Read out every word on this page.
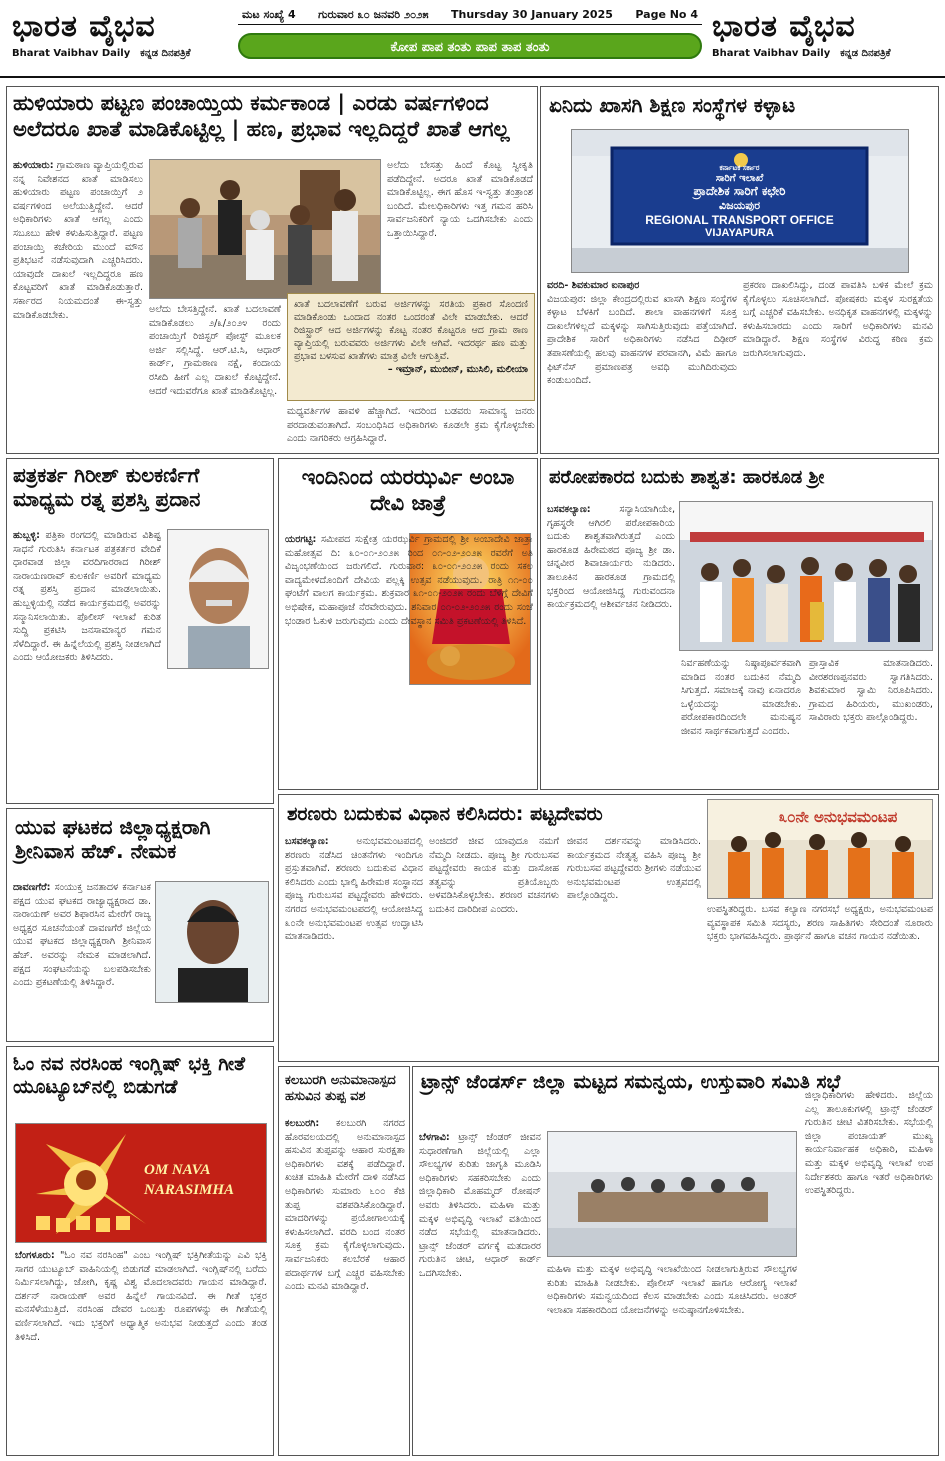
ಭಾರತ ವೈಭವ
Bharat Vaibhav Daily ಕನ್ನಡ ದಿನಪತ್ರಿಕೆ
ಮಟ ಸಂಖ್ಯೆ 4 ಗುರುವಾರ ೩೦ ಜನವರಿ ೨೦೨೫ Thursday 30 January 2025 Page No 4
ಕೋಪ ಪಾಪ ತಂತು ಪಾಪ ತಾಪ ತಂತು
ಭಾರತ ವೈಭವ
Bharat Vaibhav Daily ಕನ್ನಡ ದಿನಪತ್ರಿಕೆ
ಹುಳಿಯಾರು ಪಟ್ಟಣ ಪಂಚಾಯ್ತಿಯ ಕರ್ಮಕಾಂಡ | ಎರಡು ವರ್ಷಗಳಿಂದ ಅಲೆದರೂ ಖಾತೆ ಮಾಡಿಕೊಟ್ಟಿಲ್ಲ | ಹಣ, ಪ್ರಭಾವ ಇಲ್ಲದಿದ್ದರೆ ಖಾತೆ ಆಗಲ್ಲ
ಹುಳಿಯಾರು: ಗ್ರಾಮಠಾಣ ವ್ಯಾಪ್ತಿಯಲ್ಲಿರುವ ನನ್ನ ನಿವೇಶನದ ಖಾತೆ ಮಾಡಿಸಲು ಹುಳಿಯಾರು ಪಟ್ಟಣ ಪಂಚಾಯ್ತಿಗೆ ೨ ವರ್ಷಗಳಿಂದ ಅಲೆಯುತ್ತಿದ್ದೇನೆ. ಆದರೆ ಅಧಿಕಾರಿಗಳು ಖಾತೆ ಆಗಲ್ಲ ಎಂದು ಸಬೂಬು ಹೇಳಿ ಕಳುಹಿಸುತ್ತಿದ್ದಾರೆ. ಪಟ್ಟಣ ಪಂಚಾಯ್ತಿ ಕಚೇರಿಯ ಮುಂದೆ ಮೌನ ಪ್ರತಿಭಟನೆ ನಡೆಸುವುದಾಗಿ ಎಚ್ಚರಿಸಿದರು. ಯಾವುದೇ ದಾಖಲೆ ಇಲ್ಲದಿದ್ದರೂ ಹಣ ಕೊಟ್ಟವರಿಗೆ ಖಾತೆ ಮಾಡಿಕೊಡುತ್ತಾರೆ. ಸರ್ಕಾರದ ನಿಯಮದಂತೆ ಈ-ಸ್ವತ್ತು ಮಾಡಿಕೊಡಬೇಕು.
ಅಲೆದು ಬೇಸತ್ತಿದ್ದೇನೆ. ಖಾತೆ ಬದಲಾವಣೆ ಮಾಡಿಕೊಡಲು ೨/೩/೨೦೨೪ ರಂದು ಪಂಚಾಯ್ತಿಗೆ ರಿಜಿಸ್ಟರ್ ಪೋಸ್ಟ್ ಮೂಲಕ ಅರ್ಜಿ ಸಲ್ಲಿಸಿದ್ದೆ. ಆರ್.ಟಿ.ಸಿ, ಆಧಾರ್ ಕಾರ್ಡ್, ಗ್ರಾಮಠಾಣ ನಕ್ಷೆ, ಕಂದಾಯ ರಸೀದಿ ಹೀಗೆ ಎಲ್ಲ ದಾಖಲೆ ಕೊಟ್ಟಿದ್ದೇನೆ. ಆದರೆ ಇದುವರೆಗೂ ಖಾತೆ ಮಾಡಿಕೊಟ್ಟಿಲ್ಲ.
ಅಲೆದು ಬೇಸತ್ತು ಹಿಂದೆ ಕೊಟ್ಟ ಸ್ವೀಕೃತಿ ಪಡೆದಿದ್ದೇನೆ. ಅದರೂ ಖಾತೆ ಮಾಡಿಕೊಡದೆ ಮಾಡಿಕೊಟ್ಟಿಲ್ಲ. ಈಗ ಹೊಸ ಇ-ಸ್ವತ್ತು ತಂತ್ರಾಂಶ ಬಂದಿದೆ. ಮೇಲಧಿಕಾರಿಗಳು ಇತ್ತ ಗಮನ ಹರಿಸಿ ಸಾರ್ವಜನಿಕರಿಗೆ ನ್ಯಾಯ ಒದಗಿಸಬೇಕು ಎಂದು ಒತ್ತಾಯಿಸಿದ್ದಾರೆ.
ಖಾತೆ ಬದಲಾವಣೆಗೆ ಬರುವ ಅರ್ಜಿಗಳನ್ನು ಸರತಿಯ ಪ್ರಕಾರ ಸೊಂದಣಿ ಮಾಡಿಕೊಂಡು ಒಂದಾದ ನಂತರ ಒಂದರಂತೆ ವಿಲೇ ಮಾಡಬೇಕು. ಆದರೆ ರಿಜಿಸ್ಟ್ರಾರ್ ಆದ ಅರ್ಜಿಗಳನ್ನು ಕೊಟ್ಟ ನಂತರ ಕೊಟ್ಟರೂ ಆದ ಗ್ರಾಮ ಠಾಣ ವ್ಯಾಪ್ತಿಯಲ್ಲಿ ಬರುವವರು ಅರ್ಜಿಗಳು ವಿಲೇ ಆಗಿವೆ. ಇದರರ್ಥ ಹಣ ಮತ್ತು ಪ್ರಭಾವ ಬಳಸುವ ಖಾತೆಗಳು ಮಾತ್ರ ವಿಲೇ ಆಗುತ್ತಿವೆ.
– ಇಮ್ರಾನ್, ಮುಬೀನ್, ಮುಸಿಲಿ, ಮಲೀಯಾ
ಮಧ್ಯವರ್ತಿಗಳ ಹಾವಳಿ ಹೆಚ್ಚಾಗಿದೆ. ಇದರಿಂದ ಬಡವರು ಸಾಮಾನ್ಯ ಜನರು ಪರದಾಡುವಂತಾಗಿದೆ. ಸಂಬಂಧಿಸಿದ ಅಧಿಕಾರಿಗಳು ಕೂಡಲೇ ಕ್ರಮ ಕೈಗೊಳ್ಳಬೇಕು ಎಂದು ನಾಗರಿಕರು ಆಗ್ರಹಿಸಿದ್ದಾರೆ.
ಏನಿದು ಖಾಸಗಿ ಶಿಕ್ಷಣ ಸಂಸ್ಥೆಗಳ ಕಳ್ಳಾಟ
ಕರ್ನಾಟಕ ಸರ್ಕಾರ
ಸಾರಿಗೆ ಇಲಾಖೆ
ಪ್ರಾದೇಶಿಕ ಸಾರಿಗೆ ಕಛೇರಿ
ವಿಜಯಪುರ
REGIONAL TRANSPORT OFFICE
VIJAYAPURA
ವರದಿ- ಶಿವಕುಮಾರ ಐನಾಪುರ
ವಿಜಯಪುರ: ಜಿಲ್ಲಾ ಕೇಂದ್ರದಲ್ಲಿರುವ ಖಾಸಗಿ ಶಿಕ್ಷಣ ಸಂಸ್ಥೆಗಳ ಕಳ್ಳಾಟ ಬೆಳಕಿಗೆ ಬಂದಿದೆ. ಶಾಲಾ ವಾಹನಗಳಿಗೆ ಸೂಕ್ತ ದಾಖಲೆಗಳಿಲ್ಲದೆ ಮಕ್ಕಳನ್ನು ಸಾಗಿಸುತ್ತಿರುವುದು ಪತ್ತೆಯಾಗಿದೆ. ಪ್ರಾದೇಶಿಕ ಸಾರಿಗೆ ಅಧಿಕಾರಿಗಳು ನಡೆಸಿದ ದಿಢೀರ್ ತಪಾಸಣೆಯಲ್ಲಿ ಹಲವು ವಾಹನಗಳ ಪರವಾನಗಿ, ವಿಮೆ ಹಾಗೂ ಫಿಟ್‌ನೆಸ್ ಪ್ರಮಾಣಪತ್ರ ಅವಧಿ ಮುಗಿದಿರುವುದು ಕಂಡುಬಂದಿದೆ.
ಪ್ರಕರಣ ದಾಖಲಿಸಿದ್ದು, ದಂಡ ಪಾವತಿಸಿ ಬಳಿಕ ಮೇಲೆ ಕ್ರಮ ಕೈಗೊಳ್ಳಲು ಸೂಚಿಸಲಾಗಿದೆ. ಪೋಷಕರು ಮಕ್ಕಳ ಸುರಕ್ಷತೆಯ ಬಗ್ಗೆ ಎಚ್ಚರಿಕೆ ವಹಿಸಬೇಕು. ಅನಧಿಕೃತ ವಾಹನಗಳಲ್ಲಿ ಮಕ್ಕಳನ್ನು ಕಳುಹಿಸಬಾರದು ಎಂದು ಸಾರಿಗೆ ಅಧಿಕಾರಿಗಳು ಮನವಿ ಮಾಡಿದ್ದಾರೆ. ಶಿಕ್ಷಣ ಸಂಸ್ಥೆಗಳ ವಿರುದ್ಧ ಕಠಿಣ ಕ್ರಮ ಜರುಗಿಸಲಾಗುವುದು.
ಪತ್ರಕರ್ತ ಗಿರೀಶ್ ಕುಲಕರ್ಣಿಗೆ ಮಾಧ್ಯಮ ರತ್ನ ಪ್ರಶಸ್ತಿ ಪ್ರದಾನ
ಹುಬ್ಬಳ್ಳಿ: ಪತ್ರಿಕಾ ರಂಗದಲ್ಲಿ ಮಾಡಿರುವ ವಿಶಿಷ್ಟ ಸಾಧನೆ ಗುರುತಿಸಿ ಕರ್ನಾಟಕ ಪತ್ರಕರ್ತರ ವೇದಿಕೆ ಧಾರವಾಡ ಜಿಲ್ಲಾ ವರದಿಗಾರರಾದ ಗಿರೀಶ್ ನಾರಾಯಣರಾವ್ ಕುಲಕರ್ಣಿ ಅವರಿಗೆ ಮಾಧ್ಯಮ ರತ್ನ ಪ್ರಶಸ್ತಿ ಪ್ರದಾನ ಮಾಡಲಾಯಿತು. ಹುಬ್ಬಳ್ಳಿಯಲ್ಲಿ ನಡೆದ ಕಾರ್ಯಕ್ರಮದಲ್ಲಿ ಅವರನ್ನು ಸನ್ಮಾನಿಸಲಾಯಿತು. ಪೊಲೀಸ್ ಇಲಾಖೆ ಕುರಿತ ಸುದ್ದಿ ಪ್ರಕಟಿಸಿ ಜನಸಾಮಾನ್ಯರ ಗಮನ ಸೆಳೆದಿದ್ದಾರೆ. ಈ ಹಿನ್ನೆಲೆಯಲ್ಲಿ ಪ್ರಶಸ್ತಿ ನೀಡಲಾಗಿದೆ ಎಂದು ಆಯೋಜಕರು ತಿಳಿಸಿದರು.
ಇಂದಿನಿಂದ ಯರಝರ್ವಿ ಅಂಬಾ ದೇವಿ ಜಾತ್ರೆ
ಯರಗಟ್ಟಿ: ಸಮೀಪದ ಸುಕ್ಷೇತ್ರ ಯರಝರ್ವಿ ಗ್ರಾಮದಲ್ಲಿ ಶ್ರೀ ಅಂಬಾದೇವಿ ಜಾತ್ರಾ ಮಹೋತ್ಸವ ದಿ: ೩೦-೦೧-೨೦೨೫ ರಿಂದ ೦೧-೦೨-೨೦೨೫ ರವರೆಗೆ ಅತಿ ವಿಜೃಂಭಣೆಯಿಂದ ಜರುಗಲಿದೆ. ಗುರುವಾರ: ೩೦-೦೧-೨೦೨೫ ರಂದು ಸಕಲ ವಾದ್ಯಮೇಳದೊಂದಿಗೆ ದೇವಿಯ ಪಲ್ಲಕ್ಕಿ ಉತ್ಸವ ನಡೆಯುವುದು. ರಾತ್ರಿ ೧೧-೦೦ ಘಂಟೆಗೆ ವಾಲಗ ಕಾರ್ಯಕ್ರಮ. ಶುಕ್ರವಾರ ೩೧-೦೧-೨೦೨೫ ರಂದು ಬೆಳಿಗ್ಗೆ ದೇವಿಗೆ ಅಭಿಷೇಕ, ಮಹಾಪೂಜೆ ನೆರವೇರುವುದು. ಶನಿವಾರ ೦೧-೦೨-೨೦೨೫ ರಂದು ಸಂಜೆ ಭಂಡಾರ ಓಕುಳಿ ಜರುಗುವುದು ಎಂದು ದೇವಸ್ಥಾನ ಸಮಿತಿ ಪ್ರಕಟಣೆಯಲ್ಲಿ ತಿಳಿಸಿದೆ.
ಪರೋಪಕಾರದ ಬದುಕು ಶಾಶ್ವತ: ಹಾರಕೂಡ ಶ್ರೀ
ಬಸವಕಲ್ಯಾಣ:	ಸನ್ಯಾಸಿಯಾಗಿಯೇ, ಗೃಹಸ್ಥರೇ ಆಗಿರಲಿ ಪರೋಪಕಾರಿಯ ಬದುಕು ಶಾಶ್ವತವಾಗಿರುತ್ತದೆ ಎಂದು ಹಾರಕೂಡ ಹಿರೇಮಠದ ಪೂಜ್ಯ ಶ್ರೀ ಡಾ. ಚನ್ನವೀರ ಶಿವಾಚಾರ್ಯರು ನುಡಿದರು. ತಾಲೂಕಿನ ಹಾರಕೂಡ ಗ್ರಾಮದಲ್ಲಿ ಭಕ್ತರಿಂದ ಆಯೋಜಿಸಿದ್ದ ಗುರುವಂದನಾ ಕಾರ್ಯಕ್ರಮದಲ್ಲಿ ಆಶೀರ್ವಚನ ನೀಡಿದರು.
ನಿರ್ವಹಣೆಯನ್ನು ನಿಷ್ಠಾಪೂರ್ವಕವಾಗಿ ಮಾಡಿದ ನಂತರ ಬದುಕಿನ ನೆಮ್ಮದಿ ಸಿಗುತ್ತದೆ. ಸಮಾಜಕ್ಕೆ ನಾವು ಏನಾದರೂ ಒಳ್ಳೆಯದನ್ನು ಮಾಡಬೇಕು. ಪರೋಪಕಾರದಿಂದಲೇ ಮನುಷ್ಯನ ಜೀವನ ಸಾರ್ಥಕವಾಗುತ್ತದೆ ಎಂದರು.
ಪ್ರಾಸ್ತಾವಿಕ ಮಾತನಾಡಿದರು. ವೀರಶರಣಪ್ಪನವರು ಸ್ವಾಗತಿಸಿದರು. ಶಿವಕುಮಾರ ಸ್ವಾಮಿ ನಿರೂಪಿಸಿದರು. ಗ್ರಾಮದ ಹಿರಿಯರು, ಮುಖಂಡರು, ಸಾವಿರಾರು ಭಕ್ತರು ಪಾಲ್ಗೊಂಡಿದ್ದರು.
ಶರಣರು ಬದುಕುವ ವಿಧಾನ ಕಲಿಸಿದರು: ಪಟ್ಟದೇವರು	೩೦ನೇ ಅನುಭವಮಂಟಪ
ಬಸವಕಲ್ಯಾಣ:	ಅನುಭವಮಂಟಪದಲ್ಲಿ ಶರಣರು ನಡೆಸಿದ ಚಿಂತನೆಗಳು ಇಂದಿಗೂ ಪ್ರಸ್ತುತವಾಗಿವೆ. ಶರಣರು ಬದುಕುವ ವಿಧಾನ ಕಲಿಸಿದರು ಎಂದು ಭಾಲ್ಕಿ ಹಿರೇಮಠ ಸಂಸ್ಥಾನದ ಪೂಜ್ಯ ಗುರುಬಸವ ಪಟ್ಟದ್ದೇವರು ಹೇಳಿದರು. ನಗರದ ಅನುಭವಮಂಟಪದಲ್ಲಿ ಆಯೋಜಿಸಿದ್ದ ೩೦ನೇ ಅನುಭವಮಂಟಪ ಉತ್ಸವ ಉದ್ಘಾಟಿಸಿ ಮಾತನಾಡಿದರು.
ಅಂಜಿದರೆ ಜೀವ ಯಾವುದೂ ನಮಗೆ ನೆಮ್ಮದಿ ನೀಡದು. ಪೂಜ್ಯ ಶ್ರೀ ಗುರುಬಸವ ಪಟ್ಟದ್ದೇವರು ಕಾಯಕ ಮತ್ತು ದಾಸೋಹ ತತ್ವವನ್ನು ಪ್ರತಿಯೊಬ್ಬರು ಅಳವಡಿಸಿಕೊಳ್ಳಬೇಕು. ಶರಣರ ವಚನಗಳು ಬದುಕಿನ ದಾರಿದೀಪ ಎಂದರು.
ಜೀವನ ದರ್ಶನವನ್ನು ಮಾಡಿಸಿದರು. ಕಾರ್ಯಕ್ರಮದ ನೇತೃತ್ವ ವಹಿಸಿ ಪೂಜ್ಯ ಶ್ರೀ ಗುರುಬಸವ ಪಟ್ಟದ್ದೇವರು ಶ್ರೀಗಳು ನಡೆಯುವ ಅನುಭವಮಂಟಪ ಉತ್ಸವದಲ್ಲಿ ಪಾಲ್ಗೊಂಡಿದ್ದರು.
ಉಪಸ್ಥಿತರಿದ್ದರು. ಬಸವ ಕಲ್ಯಾಣ ನಗರಸಭೆ ಅಧ್ಯಕ್ಷರು, ಅನುಭವಮಂಟಪ ವ್ಯವಸ್ಥಾಪಕ ಸಮಿತಿ ಸದಸ್ಯರು, ಶರಣ ಸಾಹಿತಿಗಳು ಸೇರಿದಂತೆ ನೂರಾರು ಭಕ್ತರು ಭಾಗವಹಿಸಿದ್ದರು. ಪ್ರಾರ್ಥನೆ ಹಾಗೂ ವಚನ ಗಾಯನ ನಡೆಯಿತು.
ಯುವ ಘಟಕದ ಜಿಲ್ಲಾಧ್ಯಕ್ಷರಾಗಿ ಶ್ರೀನಿವಾಸ ಹೆಚ್. ನೇಮಕ
ದಾವಣಗೆರೆ: ಸಂಯುಕ್ತ ಜನತಾದಳ ಕರ್ನಾಟಕ ಪಕ್ಷದ ಯುವ ಘಟಕದ ರಾಜ್ಯಾಧ್ಯಕ್ಷರಾದ ಡಾ. ನಾರಾಯಣ್ ಅವರ ಶಿಫಾರಸಿನ ಮೇರೆಗೆ ರಾಜ್ಯ ಅಧ್ಯಕ್ಷರ ಸೂಚನೆಯಂತೆ ದಾವಣಗೆರೆ ಜಿಲ್ಲೆಯ ಯುವ ಘಟಕದ ಜಿಲ್ಲಾಧ್ಯಕ್ಷರಾಗಿ ಶ್ರೀನಿವಾಸ ಹೆಚ್. ಅವರನ್ನು ನೇಮಕ ಮಾಡಲಾಗಿದೆ. ಪಕ್ಷದ ಸಂಘಟನೆಯನ್ನು ಬಲಪಡಿಸಬೇಕು ಎಂದು ಪ್ರಕಟಣೆಯಲ್ಲಿ ತಿಳಿಸಿದ್ದಾರೆ.
ಓಂ ನವ ನರಸಿಂಹ ಇಂಗ್ಲಿಷ್ ಭಕ್ತಿ ಗೀತೆ ಯೂಟ್ಯೂಬ್‌ನಲ್ಲಿ ಬಿಡುಗಡೆ
OM NAVA NARASIMHA
ಬೆಂಗಳೂರು: "ಓಂ ನವ ನರಸಿಂಹ" ಎಂಬ ಇಂಗ್ಲಿಷ್ ಭಕ್ತಿಗೀತೆಯನ್ನು ಎವಿ ಭಕ್ತಿ ಸಾಗರ ಯುಟ್ಯೂಬ್ ವಾಹಿನಿಯಲ್ಲಿ ಬಿಡುಗಡೆ ಮಾಡಲಾಗಿದೆ. ಇಂಗ್ಲಿಷ್‌ನಲ್ಲಿ ಬರೆದು ನಿರ್ಮಿಸಲಾಗಿದ್ದು, ಜೋಗಿ, ಕೃಷ್ಣ ವಿಶ್ವ ಮೊದಲಾದವರು ಗಾಯನ ಮಾಡಿದ್ದಾರೆ. ದರ್ಶನ್ ನಾರಾಯಣ್ ಅವರ ಹಿನ್ನೆಲೆ ಗಾಯನವಿದೆ. ಈ ಗೀತೆ ಭಕ್ತರ ಮನಸೆಳೆಯುತ್ತಿದೆ. ನರಸಿಂಹ ದೇವರ ಒಂಬತ್ತು ರೂಪಗಳನ್ನು ಈ ಗೀತೆಯಲ್ಲಿ ವರ್ಣಿಸಲಾಗಿದೆ. ಇದು ಭಕ್ತರಿಗೆ ಅಧ್ಯಾತ್ಮಿಕ ಅನುಭವ ನೀಡುತ್ತದೆ ಎಂದು ತಂಡ ತಿಳಿಸಿದೆ.
ಕಲಬುರಗಿ ಅನುಮಾನಾಸ್ಪದ ಹಸುವಿನ ತುಪ್ಪ ವಶ
ಕಲಬುರಗಿ: ಕಲಬುರಗಿ ನಗರದ ಹೊರವಲಯದಲ್ಲಿ ಅನುಮಾನಾಸ್ಪದ ಹಸುವಿನ ತುಪ್ಪವನ್ನು ಆಹಾರ ಸುರಕ್ಷತಾ ಅಧಿಕಾರಿಗಳು ವಶಕ್ಕೆ ಪಡೆದಿದ್ದಾರೆ. ಖಚಿತ ಮಾಹಿತಿ ಮೇರೆಗೆ ದಾಳಿ ನಡೆಸಿದ ಅಧಿಕಾರಿಗಳು ಸುಮಾರು ೬೦೦ ಕೆಜಿ ತುಪ್ಪ ವಶಪಡಿಸಿಕೊಂಡಿದ್ದಾರೆ. ಮಾದರಿಗಳನ್ನು ಪ್ರಯೋಗಾಲಯಕ್ಕೆ ಕಳುಹಿಸಲಾಗಿದೆ. ವರದಿ ಬಂದ ನಂತರ ಸೂಕ್ತ ಕ್ರಮ ಕೈಗೊಳ್ಳಲಾಗುವುದು. ಸಾರ್ವಜನಿಕರು ಕಲಬೆರಕೆ ಆಹಾರ ಪದಾರ್ಥಗಳ ಬಗ್ಗೆ ಎಚ್ಚರ ವಹಿಸಬೇಕು ಎಂದು ಮನವಿ ಮಾಡಿದ್ದಾರೆ.
ಟ್ರಾನ್ಸ್ ಜೆಂಡರ್ಸ್ ಜಿಲ್ಲಾ ಮಟ್ಟದ ಸಮನ್ವಯ, ಉಸ್ತುವಾರಿ ಸಮಿತಿ ಸಭೆ
ಬೆಳಗಾವಿ: ಟ್ರಾನ್ಸ್ ಜೆಂಡರ್ ಜೀವನ ಸುಧಾರಣೆಗಾಗಿ ಜಿಲ್ಲೆಯಲ್ಲಿ ಎಲ್ಲಾ ಸೌಲಭ್ಯಗಳ ಕುರಿತು ಜಾಗೃತಿ ಮೂಡಿಸಿ ಅಧಿಕಾರಿಗಳು ಸಹಕರಿಸಬೇಕು ಎಂದು ಜಿಲ್ಲಾಧಿಕಾರಿ ಮೊಹಮ್ಮದ್ ರೋಷನ್ ಅವರು ತಿಳಿಸಿದರು. ಮಹಿಳಾ ಮತ್ತು ಮಕ್ಕಳ ಅಭಿವೃದ್ಧಿ ಇಲಾಖೆ ವತಿಯಿಂದ ನಡೆದ ಸಭೆಯಲ್ಲಿ ಮಾತನಾಡಿದರು. ಟ್ರಾನ್ಸ್ ಜೆಂಡರ್ ವರ್ಗಕ್ಕೆ ಮತದಾರರ ಗುರುತಿನ ಚೀಟಿ, ಆಧಾರ್ ಕಾರ್ಡ್ ಒದಗಿಸಬೇಕು.	ಮಹಿಳಾ ಮತ್ತು ಮಕ್ಕಳ ಅಭಿವೃದ್ಧಿ ಇಲಾಖೆಯಿಂದ ನೀಡಲಾಗುತ್ತಿರುವ ಸೌಲಭ್ಯಗಳ ಕುರಿತು ಮಾಹಿತಿ ನೀಡಬೇಕು. ಪೊಲೀಸ್ ಇಲಾಖೆ ಹಾಗೂ ಆರೋಗ್ಯ ಇಲಾಖೆ ಅಧಿಕಾರಿಗಳು ಸಮನ್ವಯದಿಂದ ಕೆಲಸ ಮಾಡಬೇಕು ಎಂದು ಸೂಚಿಸಿದರು. ಅಂತರ್ ಇಲಾಖಾ ಸಹಕಾರದಿಂದ ಯೋಜನೆಗಳನ್ನು ಅನುಷ್ಠಾನಗೊಳಿಸಬೇಕು.
ಜಿಲ್ಲಾಧಿಕಾರಿಗಳು ಹೇಳಿದರು. ಜಿಲ್ಲೆಯ ಎಲ್ಲ ತಾಲೂಕುಗಳಲ್ಲಿ ಟ್ರಾನ್ಸ್ ಜೆಂಡರ್ ಗುರುತಿನ ಚೀಟಿ ವಿತರಿಸಬೇಕು. ಸಭೆಯಲ್ಲಿ ಜಿಲ್ಲಾ ಪಂಚಾಯತ್ ಮುಖ್ಯ ಕಾರ್ಯನಿರ್ವಾಹಕ ಅಧಿಕಾರಿ, ಮಹಿಳಾ ಮತ್ತು ಮಕ್ಕಳ ಅಭಿವೃದ್ಧಿ ಇಲಾಖೆ ಉಪ ನಿರ್ದೇಶಕರು ಹಾಗೂ ಇತರೆ ಅಧಿಕಾರಿಗಳು ಉಪಸ್ಥಿತರಿದ್ದರು.
